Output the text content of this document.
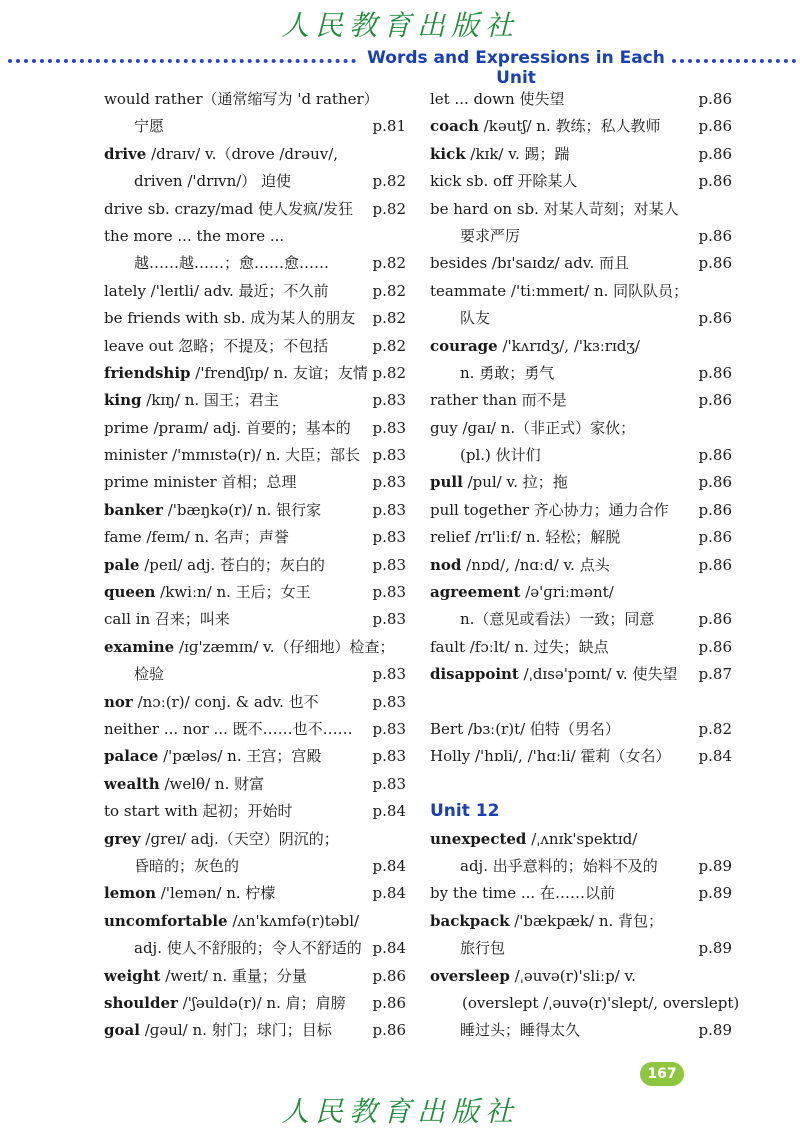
人民教育出版社
Words and Expressions in Each Unit
would rather（通常缩写为 'd rather）
宁愿	p.81
drive /draɪv/ v.（drove /drəuv/,
driven /'drɪvn/） 迫使	p.82
drive sb. crazy/mad 使人发疯/发狂 p.82
the more ... the more ...
越……越……；愈……愈……	p.82
lately /'leɪtli/ adv. 最近；不久前	p.82
be friends with sb. 成为某人的朋友 p.82
leave out 忽略；不提及；不包括	p.82
friendship /'frendʃɪp/ n. 友谊；友情 p.82
king /kɪŋ/ n. 国王；君主	p.83
prime /praɪm/ adj. 首要的；基本的 p.83
minister /'mɪnɪstə(r)/ n. 大臣；部长 p.83
prime minister 首相；总理	p.83
banker /'bæŋkə(r)/ n. 银行家	p.83
fame /feɪm/ n. 名声；声誉	p.83
pale /peɪl/ adj. 苍白的；灰白的	p.83
queen /kwiːn/ n. 王后；女王	p.83
call in 召来；叫来	p.83
examine /ɪɡ'zæmɪn/ v.（仔细地）检查；
检验	p.83
nor /nɔː(r)/ conj. & adv. 也不	p.83
neither ... nor ... 既不……也不…… p.83
palace /'pæləs/ n. 王宫；宫殿	p.83
wealth /welθ/ n. 财富	p.83
to start with 起初；开始时	p.84
grey /ɡreɪ/ adj.（天空）阴沉的；
昏暗的；灰色的	p.84
lemon /'lemən/ n. 柠檬	p.84
uncomfortable /ʌn'kʌmfə(r)təbl/
adj. 使人不舒服的；令人不舒适的 p.84
weight /weɪt/ n. 重量；分量	p.86
shoulder /'ʃəuldə(r)/ n. 肩；肩膀 p.86
goal /ɡəul/ n. 射门；球门；目标	p.86
let ... down 使失望	p.86
coach /kəutʃ/ n. 教练；私人教师	p.86
kick /kɪk/ v. 踢；踹	p.86
kick sb. off 开除某人	p.86
be hard on sb. 对某人苛刻；对某人
要求严厉	p.86
besides /bɪ'saɪdz/ adv. 而且	p.86
teammate /'tiːmmeɪt/ n. 同队队员；
队友	p.86
courage /'kʌrɪdʒ/, /'kɜːrɪdʒ/
n. 勇敢；勇气	p.86
rather than 而不是	p.86
guy /ɡaɪ/ n.（非正式）家伙；
(pl.) 伙计们	p.86
pull /pul/ v. 拉；拖	p.86
pull together 齐心协力；通力合作 p.86
relief /rɪ'liːf/ n. 轻松；解脱	p.86
nod /nɒd/, /nɑːd/ v. 点头	p.86
agreement /ə'ɡriːmənt/
n.（意见或看法）一致；同意	p.86
fault /fɔːlt/ n. 过失；缺点	p.86
disappoint /ˌdɪsə'pɔɪnt/ v. 使失望 p.87
Bert /bɜː(r)t/ 伯特（男名）	p.82
Holly /'hɒli/, /'hɑːli/ 霍莉（女名） p.84
Unit 12
unexpected /ˌʌnɪk'spektɪd/
adj. 出乎意料的；始料不及的	p.89
by the time ... 在……以前	p.89
backpack /'bækpæk/ n. 背包；
旅行包	p.89
oversleep /ˌəuvə(r)'sliːp/ v.
(overslept /ˌəuvə(r)'slept/, overslept)
睡过头；睡得太久	p.89
167
人民教育出版社
